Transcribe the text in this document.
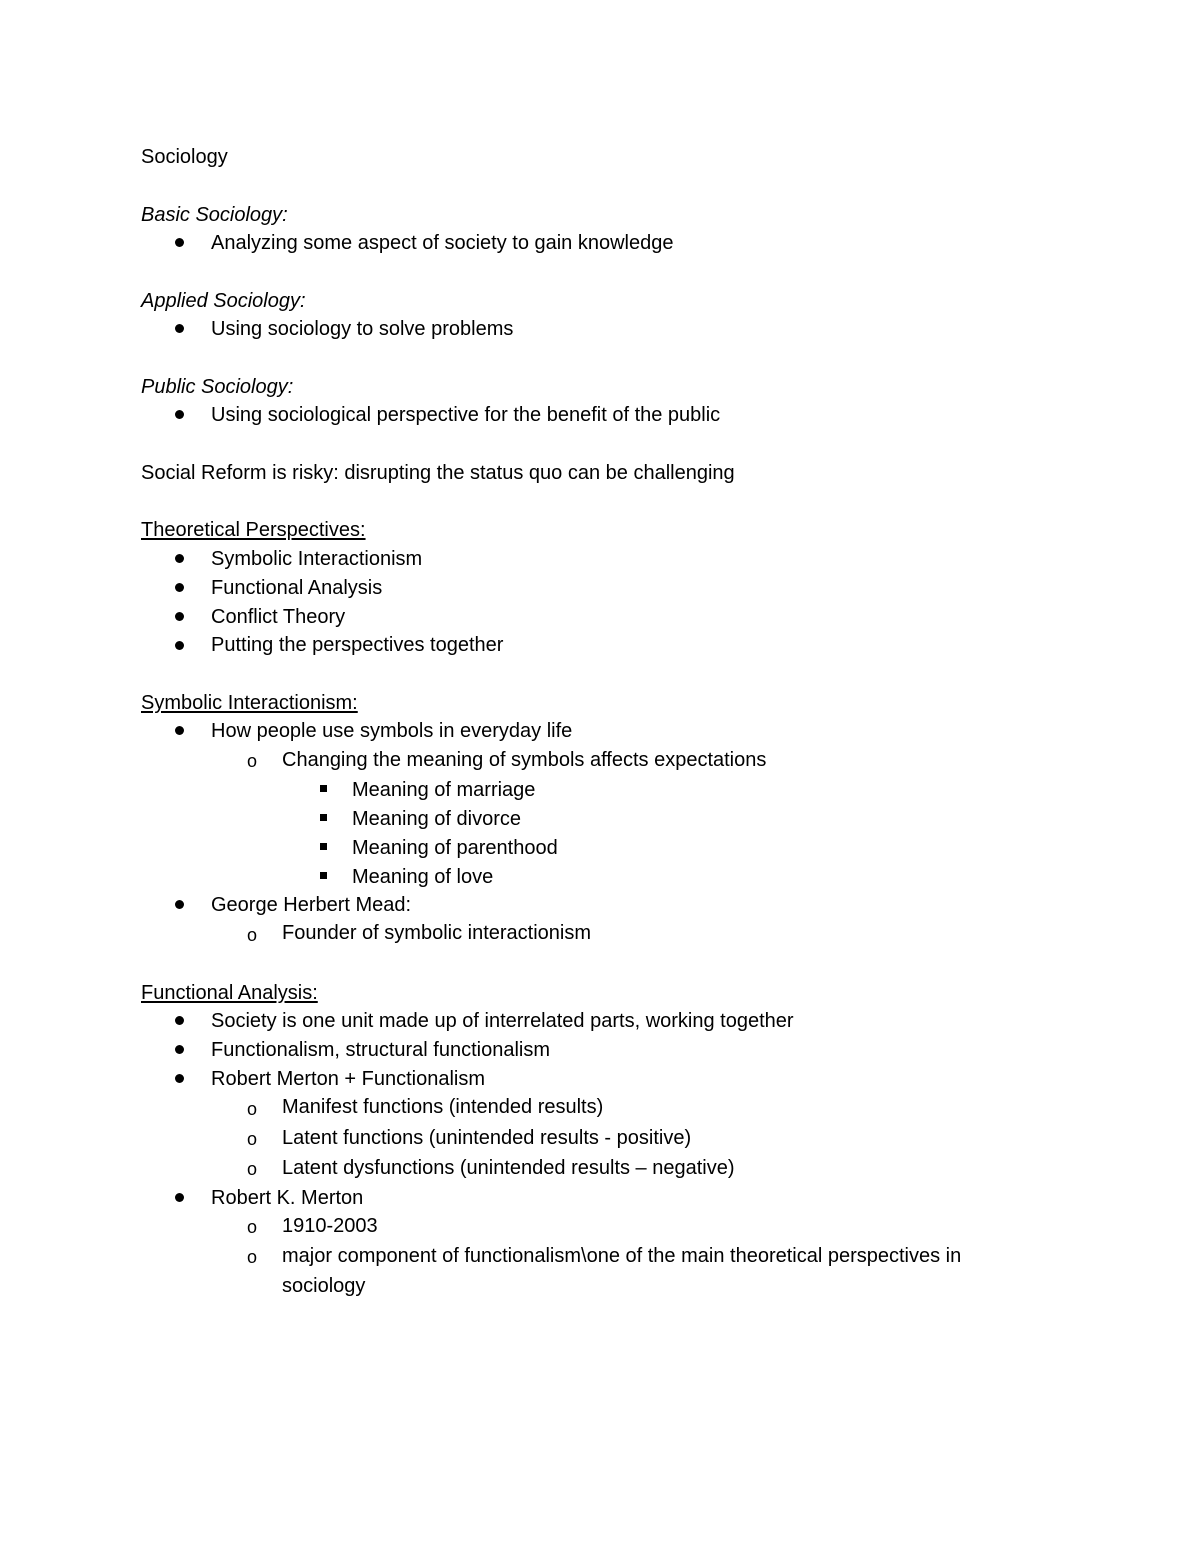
Sociology
Basic Sociology:
Analyzing some aspect of society to gain knowledge
Applied Sociology:
Using sociology to solve problems
Public Sociology:
Using sociological perspective for the benefit of the public
Social Reform is risky: disrupting the status quo can be challenging
Theoretical Perspectives:
Symbolic Interactionism
Functional Analysis
Conflict Theory
Putting the perspectives together
Symbolic Interactionism:
How people use symbols in everyday life
o Changing the meaning of symbols affects expectations
Meaning of marriage
Meaning of divorce
Meaning of parenthood
Meaning of love
George Herbert Mead:
o Founder of symbolic interactionism
Functional Analysis:
Society is one unit made up of interrelated parts, working together
Functionalism, structural functionalism
Robert Merton + Functionalism
o Manifest functions (intended results)
o Latent functions (unintended results - positive)
o Latent dysfunctions (unintended results – negative)
Robert K. Merton
o 1910-2003
o major component of functionalism\one of the main theoretical perspectives in
sociology
